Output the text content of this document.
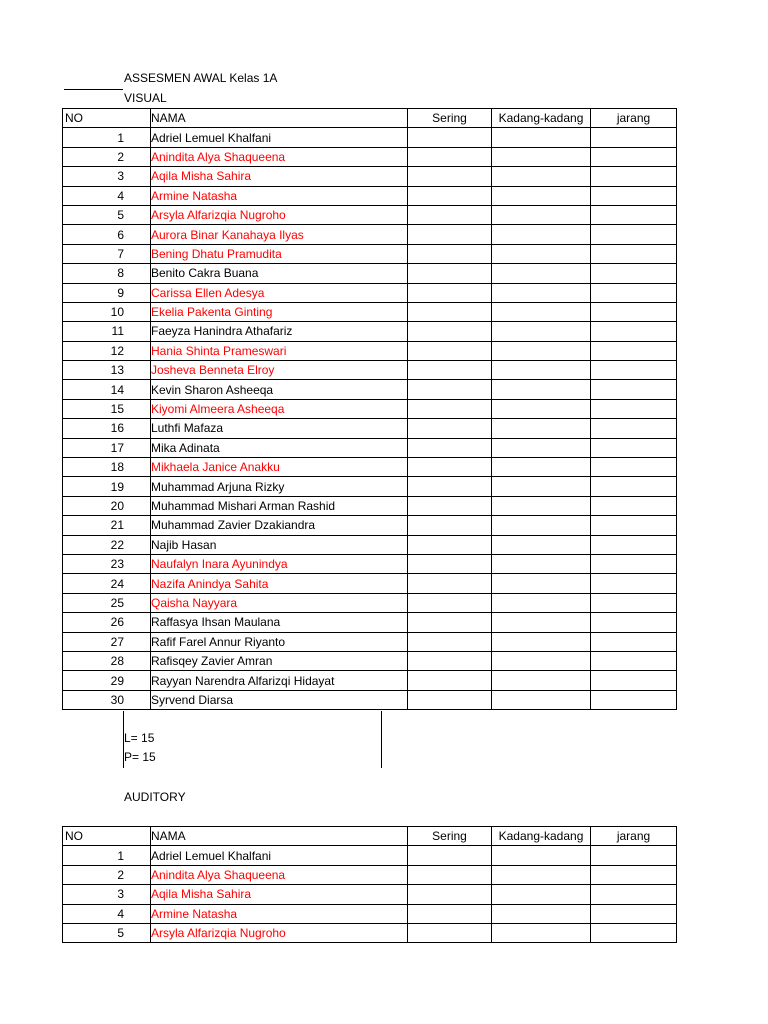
ASSESMEN AWAL Kelas 1A
VISUAL
NO	NAMA	Sering	Kadang-kadang	jarang
1	Adriel Lemuel Khalfani			
2	Anindita Alya Shaqueena			
3	Aqila Misha Sahira			
4	Armine Natasha			
5	Arsyla Alfarizqia Nugroho			
6	Aurora Binar Kanahaya Ilyas			
7	Bening Dhatu Pramudita			
8	Benito Cakra Buana			
9	Carissa Ellen Adesya			
10	Ekelia Pakenta Ginting			
11	Faeyza Hanindra Athafariz			
12	Hania Shinta Prameswari			
13	Josheva Benneta Elroy			
14	Kevin Sharon Asheeqa			
15	Kiyomi Almeera Asheeqa			
16	Luthfi Mafaza			
17	Mika Adinata			
18	Mikhaela Janice Anakku			
19	Muhammad Arjuna Rizky			
20	Muhammad Mishari Arman Rashid			
21	Muhammad Zavier Dzakiandra			
22	Najib Hasan			
23	Naufalyn Inara Ayunindya			
24	Nazifa Anindya Sahita			
25	Qaisha Nayyara			
26	Raffasya Ihsan Maulana			
27	Rafif Farel Annur Riyanto			
28	Rafisqey Zavier Amran			
29	Rayyan Narendra Alfarizqi Hidayat			
30	Syrvend Diarsa			
L= 15
P= 15
AUDITORY
NO	NAMA	Sering	Kadang-kadang	jarang
1	Adriel Lemuel Khalfani			
2	Anindita Alya Shaqueena			
3	Aqila Misha Sahira			
4	Armine Natasha			
5	Arsyla Alfarizqia Nugroho			
